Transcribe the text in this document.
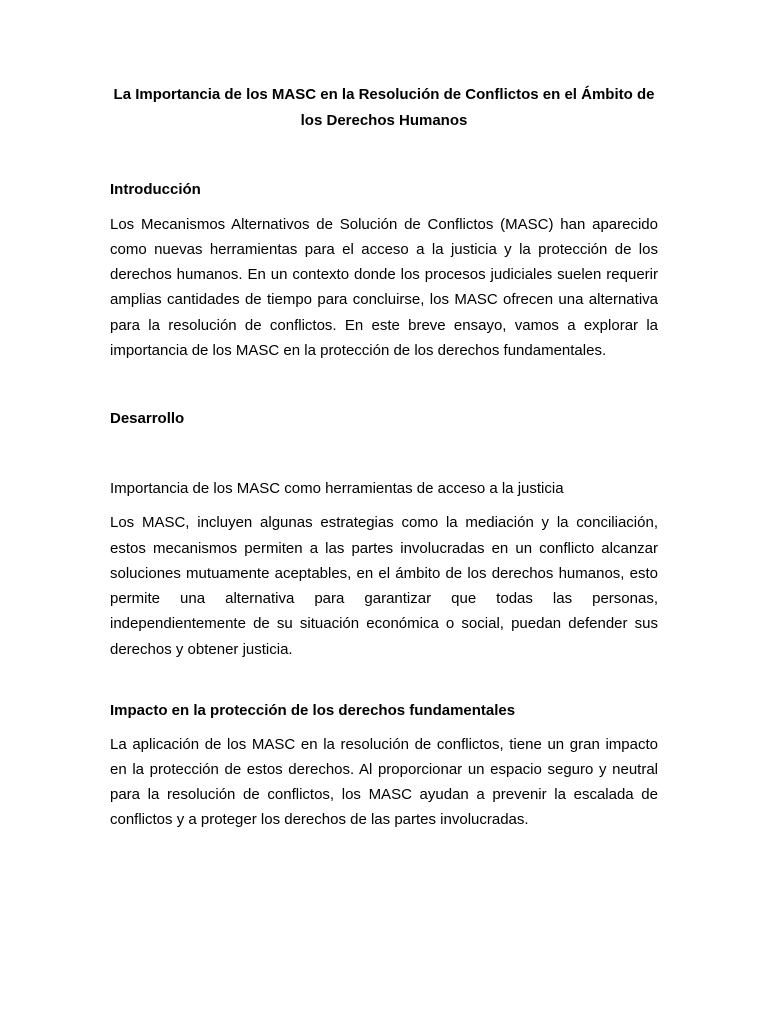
La Importancia de los MASC en la Resolución de Conflictos en el Ámbito de los Derechos Humanos
Introducción

Los Mecanismos Alternativos de Solución de Conflictos (MASC) han aparecido como nuevas herramientas para el acceso a la justicia y la protección de los derechos humanos. En un contexto donde los procesos judiciales suelen requerir amplias cantidades de tiempo para concluirse, los MASC ofrecen una alternativa para la resolución de conflictos. En este breve ensayo, vamos a explorar la importancia de los MASC en la protección de los derechos fundamentales.

Desarrollo
Importancia de los MASC como herramientas de acceso a la justicia

Los MASC, incluyen algunas estrategias como la mediación y la conciliación, estos mecanismos permiten a las partes involucradas en un conflicto alcanzar soluciones mutuamente aceptables, en el ámbito de los derechos humanos, esto permite una alternativa para garantizar que todas las personas, independientemente de su situación económica o social, puedan defender sus derechos y obtener justicia.

Impacto en la protección de los derechos fundamentales

La aplicación de los MASC en la resolución de conflictos, tiene un gran impacto en la protección de estos derechos. Al proporcionar un espacio seguro y neutral para la resolución de conflictos, los MASC ayudan a prevenir la escalada de conflictos y a proteger los derechos de las partes involucradas.
